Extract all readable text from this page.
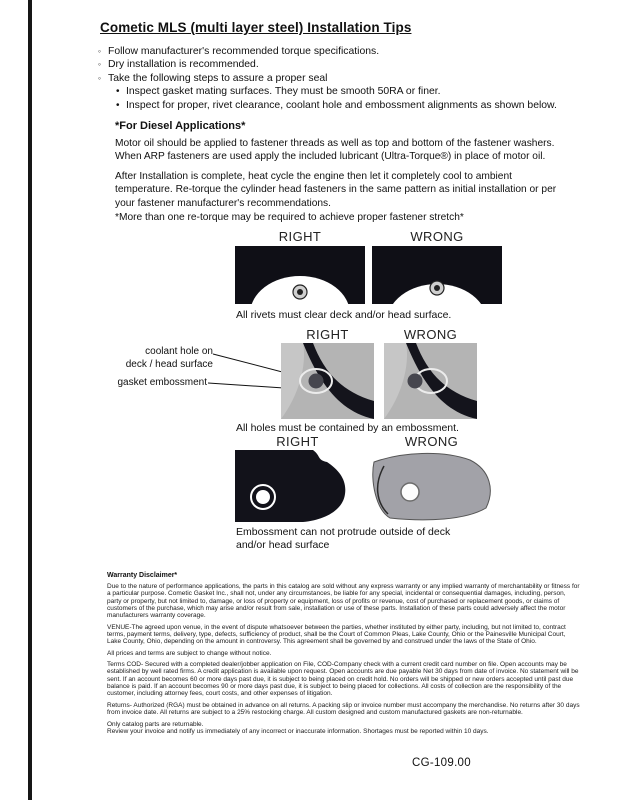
Cometic MLS (multi layer steel) Installation Tips
◦ Follow manufacturer's recommended torque specifications.
◦ Dry installation is recommended.
◦ Take the following steps to assure a proper seal
• Inspect gasket mating surfaces. They must be smooth 50RA or finer.
• Inspect for proper, rivet clearance, coolant hole and embossment alignments as shown below.
*For Diesel Applications*

Motor oil should be applied to fastener threads as well as top and bottom of the fastener washers. When ARP fasteners are used apply the included lubricant (Ultra-Torque®) in place of motor oil.

After Installation is complete, heat cycle the engine then let it completely cool to ambient temperature. Re-torque the cylinder head fasteners in the same pattern as initial installation or per your fastener manufacturer's recommendations.

*More than one re-torque may be required to achieve proper fastener stretch*

RIGHT	WRONG
All rivets must clear deck and/or head surface.
RIGHT	WRONG
coolant hole on
deck / head surface
gasket embossment
All holes must be contained by an embossment.
RIGHT	WRONG
Embossment can not protrude outside of deck
and/or head surface
Warranty Disclaimer*

Due to the nature of performance applications, the parts in this catalog are sold without any express warranty or any implied warranty of merchantability or fitness for a particular purpose. Cometic Gasket Inc., shall not, under any circumstances, be liable for any special, incidental or consequential damages, including, person, party or property, but not limited to, damage, or loss of property or equipment, loss of profits or revenue, cost of purchased or replacement goods, or claims of customers of the purchase, which may arise and/or result from sale, installation or use of these parts. Installation of these parts could adversely affect the motor manufacturers warranty coverage.

VENUE-The agreed upon venue, in the event of dispute whatsoever between the parties, whether instituted by either party, including, but not limited to, contract terms, payment terms, delivery, type, defects, sufficiency of product, shall be the Court of Common Pleas, Lake County, Ohio or the Painesville Municipal Court, Lake County, Ohio, depending on the amount in controversy. This agreement shall be governed by and construed under the laws of the State of Ohio.

All prices and terms are subject to change without notice.

Terms COD- Secured with a completed dealer/jobber application on File, COD-Company check with a current credit card number on file. Open accounts may be established by well rated firms. A credit application is available upon request. Open accounts are due payable Net 30 days from date of invoice. No statement will be sent. If an account becomes 60 or more days past due, it is subject to being placed on credit hold. No orders will be shipped or new orders accepted until past due balance is paid. If an account becomes 90 or more days past due, it is subject to being placed for collections. All costs of collection are the responsibility of the customer, including attorney fees, court costs, and other expenses of litigation.

Returns- Authorized (RGA) must be obtained in advance on all returns. A packing slip or invoice number must accompany the merchandise. No returns after 30 days from invoice date. All returns are subject to a 25% restocking charge. All custom designed and custom manufactured gaskets are non-returnable.

Only catalog parts are returnable.

Review your invoice and notify us immediately of any incorrect or inaccurate information. Shortages must be reported within 10 days.

CG-109.00
